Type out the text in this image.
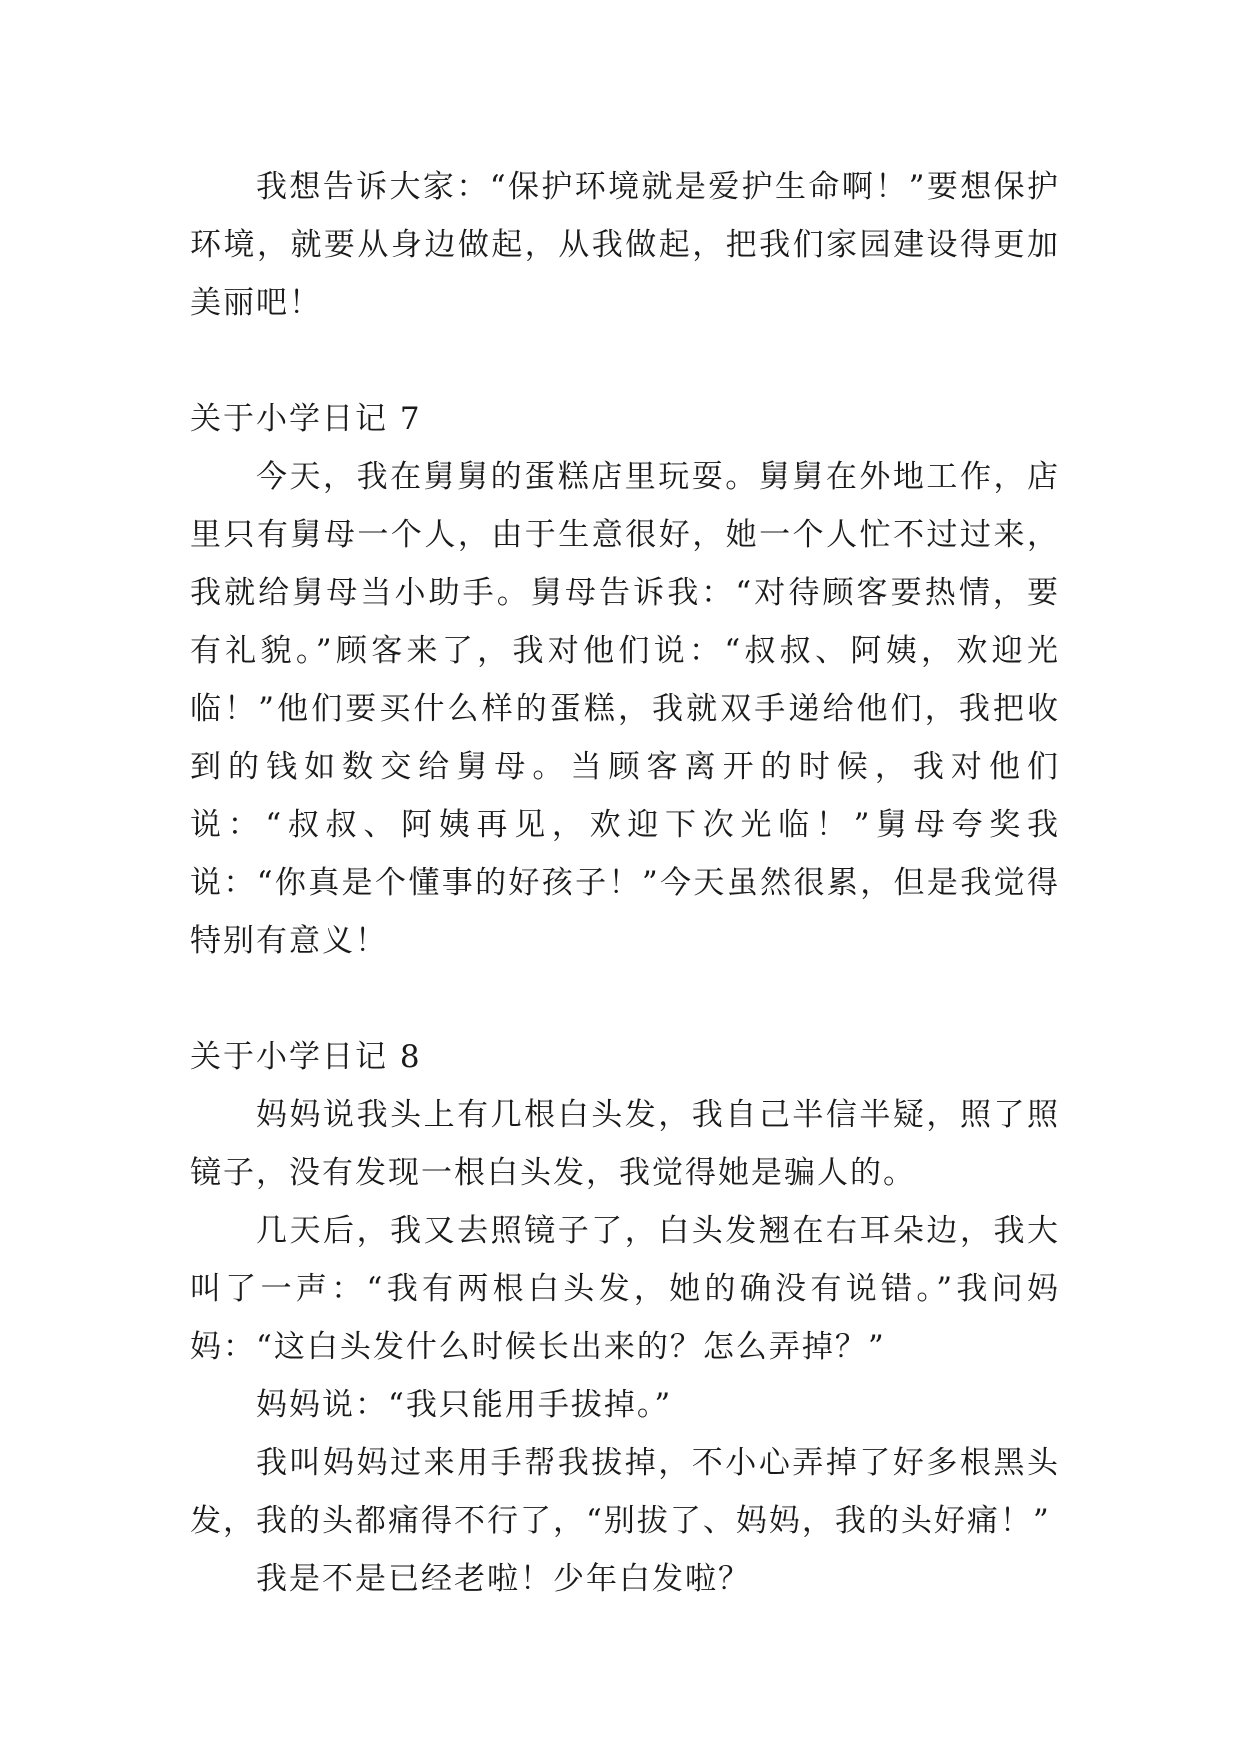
我想告诉大家：“保护环境就是爱护生命啊！”要想保护环境，就要从身边做起，从我做起，把我们家园建设得更加美丽吧！

关于小学日记 7

今天，我在舅舅的蛋糕店里玩耍。舅舅在外地工作，店里只有舅母一个人，由于生意很好，她一个人忙不过过来，我就给舅母当小助手。舅母告诉我：“对待顾客要热情，要有礼貌。”顾客来了，我对他们说：“叔叔、阿姨，欢迎光临！”他们要买什么样的蛋糕，我就双手递给他们，我把收到的钱如数交给舅母。当顾客离开的时候，我对他们说：“叔叔、阿姨再见，欢迎下次光临！”舅母夸奖我说：“你真是个懂事的好孩子！”今天虽然很累，但是我觉得特别有意义！

关于小学日记 8

妈妈说我头上有几根白头发，我自己半信半疑，照了照镜子，没有发现一根白头发，我觉得她是骗人的。

几天后，我又去照镜子了，白头发翘在右耳朵边，我大叫了一声：“我有两根白头发，她的确没有说错。”我问妈妈：“这白头发什么时候长出来的？怎么弄掉？”

妈妈说：“我只能用手拔掉。”

我叫妈妈过来用手帮我拔掉，不小心弄掉了好多根黑头发，我的头都痛得不行了，“别拔了、妈妈，我的头好痛！”

我是不是已经老啦！少年白发啦？
